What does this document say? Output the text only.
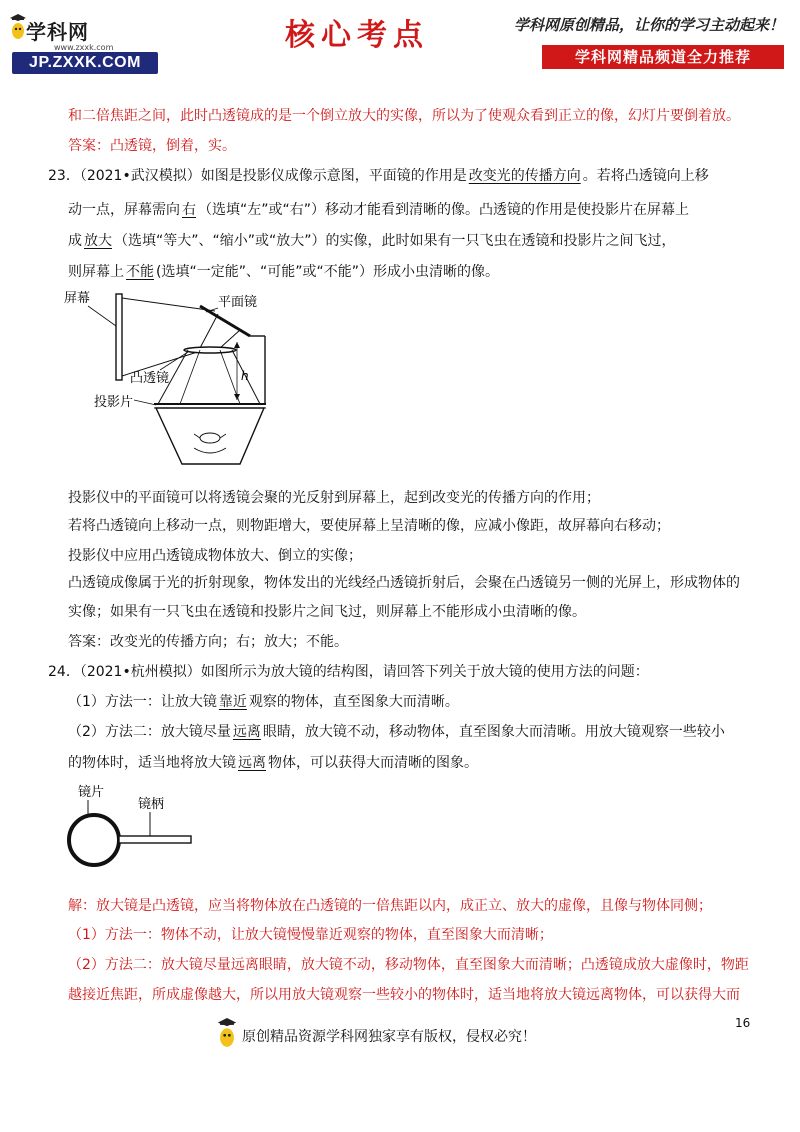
学科网
www.zxxk.com
JP.ZXXK.COM
核心考点	学科网原创精品，让你的学习主动起来！
学科网精品频道全力推荐
和二倍焦距之间，此时凸透镜成的是一个倒立放大的实像，所以为了使观众看到正立的像，幻灯片要倒着放。
答案：凸透镜，倒着，实。
23．（2021•武汉模拟）如图是投影仪成像示意图，平面镜的作用是 改变光的传播方向 。若将凸透镜向上移
动一点，屏幕需向 右 （选填“左”或“右”）移动才能看到清晰的像。凸透镜的作用是使投影片在屏幕上
成 放大 （选填“等大”、“缩小”或“放大”）的实像，此时如果有一只飞虫在透镜和投影片之间飞过，
则屏幕上 不能 (选填“一定能”、“可能”或“不能”）形成小虫清晰的像。
h
屏幕	平面镜
凸透镜
投影片
投影仪中的平面镜可以将透镜会聚的光反射到屏幕上，起到改变光的传播方向的作用；
若将凸透镜向上移动一点，则物距增大，要使屏幕上呈清晰的像，应减小像距，故屏幕向右移动；
投影仪中应用凸透镜成物体放大、倒立的实像；
凸透镜成像属于光的折射现象，物体发出的光线经凸透镜折射后，会聚在凸透镜另一侧的光屏上，形成物体的
实像；如果有一只飞虫在透镜和投影片之间飞过，则屏幕上不能形成小虫清晰的像。
答案：改变光的传播方向；右；放大；不能。
24．（2021•杭州模拟）如图所示为放大镜的结构图，请回答下列关于放大镜的使用方法的问题：
（1）方法一：让放大镜 靠近 观察的物体，直至图象大而清晰。
（2）方法二：放大镜尽量 远离 眼睛，放大镜不动，移动物体，直至图象大而清晰。用放大镜观察一些较小
的物体时，适当地将放大镜 远离 物体，可以获得大而清晰的图象。
镜片
镜柄
解：放大镜是凸透镜，应当将物体放在凸透镜的一倍焦距以内，成正立、放大的虚像，且像与物体同侧；
（1）方法一：物体不动，让放大镜慢慢靠近观察的物体，直至图象大而清晰；
（2）方法二：放大镜尽量远离眼睛，放大镜不动，移动物体，直至图象大而清晰；凸透镜成放大虚像时，物距
越接近焦距，所成虚像越大，所以用放大镜观察一些较小的物体时，适当地将放大镜远离物体，可以获得大而
16
原创精品资源学科网独家享有版权，侵权必究！
